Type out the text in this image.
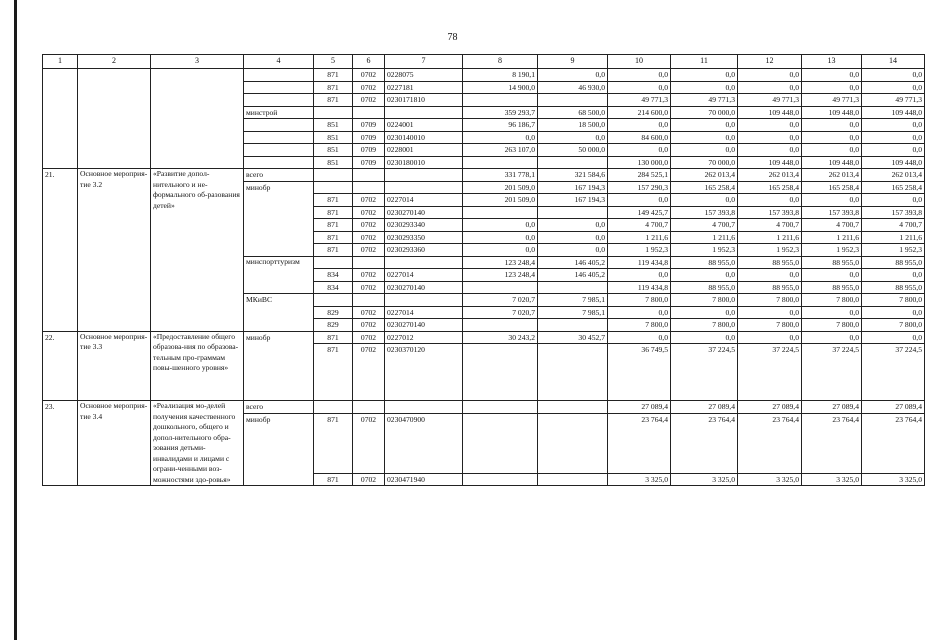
78
1	2	3	4	5	6	7	8	9	10	11	12	13	14
				871	0702	0228075	8 190,1	0,0	0,0	0,0	0,0	0,0	0,0
				871	0702	0227181	14 900,0	46 930,0	0,0	0,0	0,0	0,0	0,0
				871	0702	0230171810			49 771,3	49 771,3	49 771,3	49 771,3	49 771,3
			минстрой				359 293,7	68 500,0	214 600,0	70 000,0	109 448,0	109 448,0	109 448,0
				851	0709	0224001	96 186,7	18 500,0	0,0	0,0	0,0	0,0	0,0
				851	0709	0230140010	0,0	0,0	84 600,0	0,0	0,0	0,0	0,0
				851	0709	0228001	263 107,0	50 000,0	0,0	0,0	0,0	0,0	0,0
				851	0709	0230180010			130 000,0	70 000,0	109 448,0	109 448,0	109 448,0
21.	Основное мероприя-тие 3.2	«Развитие допол-нительного и не-формального об-разования детей»	всего				331 778,1	321 584,6	284 525,1	262 013,4	262 013,4	262 013,4	262 013,4
			минобр				201 509,0	167 194,3	157 290,3	165 258,4	165 258,4	165 258,4	165 258,4
				871	0702	0227014	201 509,0	167 194,3	0,0	0,0	0,0	0,0	0,0
				871	0702	0230270140			149 425,7	157 393,8	157 393,8	157 393,8	157 393,8
				871	0702	0230293340	0,0	0,0	4 700,7	4 700,7	4 700,7	4 700,7	4 700,7
				871	0702	0230293350	0,0	0,0	1 211,6	1 211,6	1 211,6	1 211,6	1 211,6
				871	0702	0230293360	0,0	0,0	1 952,3	1 952,3	1 952,3	1 952,3	1 952,3
			минспорттуризм				123 248,4	146 405,2	119 434,8	88 955,0	88 955,0	88 955,0	88 955,0
				834	0702	0227014	123 248,4	146 405,2	0,0	0,0	0,0	0,0	0,0
				834	0702	0230270140			119 434,8	88 955,0	88 955,0	88 955,0	88 955,0
			МКиВС				7 020,7	7 985,1	7 800,0	7 800,0	7 800,0	7 800,0	7 800,0
				829	0702	0227014	7 020,7	7 985,1	0,0	0,0	0,0	0,0	0,0
				829	0702	0230270140			7 800,0	7 800,0	7 800,0	7 800,0	7 800,0
22.	Основное мероприя-тие 3.3	«Предоставление общего образова-ния по образова-тельным про-граммам повы-шенного уровня»	минобр	871	0702	0227012	30 243,2	30 452,7	0,0	0,0	0,0	0,0	0,0
				871	0702	0230370120			36 749,5	37 224,5	37 224,5	37 224,5	37 224,5
23.	Основное мероприя-тие 3.4	«Реализация мо-делей получения качественного дошкольного, общего и допол-нительного обра-зования детьми-инвалидами и лицами с ограни-ченными воз-можностями здо-ровья»	всего						27 089,4	27 089,4	27 089,4	27 089,4	27 089,4
			минобр	871	0702	0230470900			23 764,4	23 764,4	23 764,4	23 764,4	23 764,4
				871	0702	0230471940			3 325,0	3 325,0	3 325,0	3 325,0	3 325,0
